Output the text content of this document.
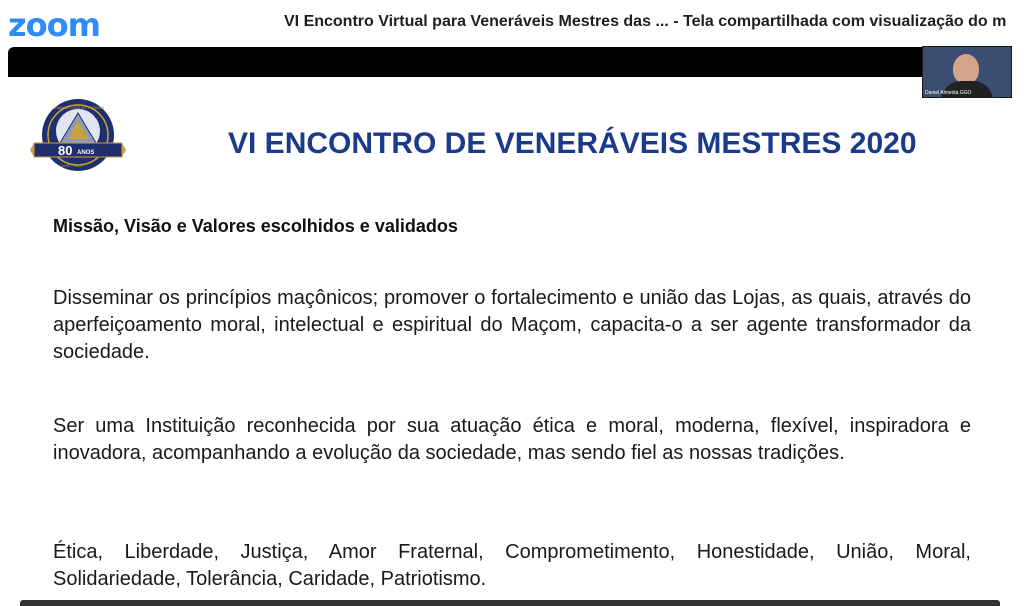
zoom	VI Encontro Virtual para Veneráveis Mestres das ... - Tela compartilhada com visualização do m
80 ANOS
1941 · 2021
GRANDE LOJA DO PARANÁ
VI ENCONTRO DE VENERÁVEIS MESTRES 2020
Missão, Visão e Valores escolhidos e validados

Disseminar os princípios maçônicos; promover o fortalecimento e união das Lojas, as quais, através do aperfeiçoamento moral, intelectual e espiritual do Maçom, capacita-o a ser agente transformador da sociedade.

Ser uma Instituição reconhecida por sua atuação ética e moral, moderna, flexível, inspiradora e inovadora, acompanhando a evolução da sociedade, mas sendo fiel as nossas tradições.

Ética, Liberdade, Justiça, Amor Fraternal, Comprometimento, Honestidade, União, Moral, Solidariedade, Tolerância, Caridade, Patriotismo.

Daniel Almeida GGO
